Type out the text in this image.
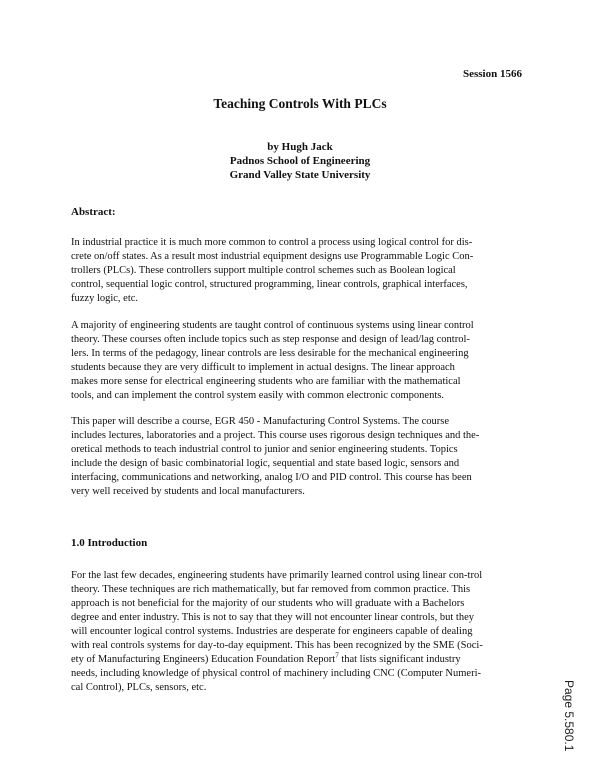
Session 1566
Teaching Controls With PLCs
by Hugh Jack
Padnos School of Engineering
Grand Valley State University
Abstract:

In industrial practice it is much more common to control a process using logical control for dis-
crete on/off states. As a result most industrial equipment designs use Programmable Logic Con-
trollers (PLCs). These controllers support multiple control schemes such as Boolean logical
control, sequential logic control, structured programming, linear controls, graphical interfaces,
fuzzy logic, etc.

A majority of engineering students are taught control of continuous systems using linear control
theory. These courses often include topics such as step response and design of lead/lag control-
lers. In terms of the pedagogy, linear controls are less desirable for the mechanical engineering
students because they are very difficult to implement in actual designs. The linear approach
makes more sense for electrical engineering students who are familiar with the mathematical
tools, and can implement the control system easily with common electronic components.

This paper will describe a course, EGR 450 - Manufacturing Control Systems. The course
includes lectures, laboratories and a project. This course uses rigorous design techniques and the-
oretical methods to teach industrial control to junior and senior engineering students. Topics
include the design of basic combinatorial logic, sequential and state based logic, sensors and
interfacing, communications and networking, analog I/O and PID control. This course has been
very well received by students and local manufacturers.

1.0 Introduction

For the last few decades, engineering students have primarily learned control using linear con-trol
theory. These techniques are rich mathematically, but far removed from common practice. This
approach is not beneficial for the majority of our students who will graduate with a Bachelors
degree and enter industry. This is not to say that they will not encounter linear controls, but they
will encounter logical control systems. Industries are desperate for engineers capable of dealing
with real controls systems for day-to-day equipment. This has been recognized by the SME (Soci-
ety of Manufacturing Engineers) Education Foundation Report$^7$ that lists significant industry
needs, including knowledge of physical control of machinery including CNC (Computer Numeri-
cal Control), PLCs, sensors, etc.	Page 5.580.1
